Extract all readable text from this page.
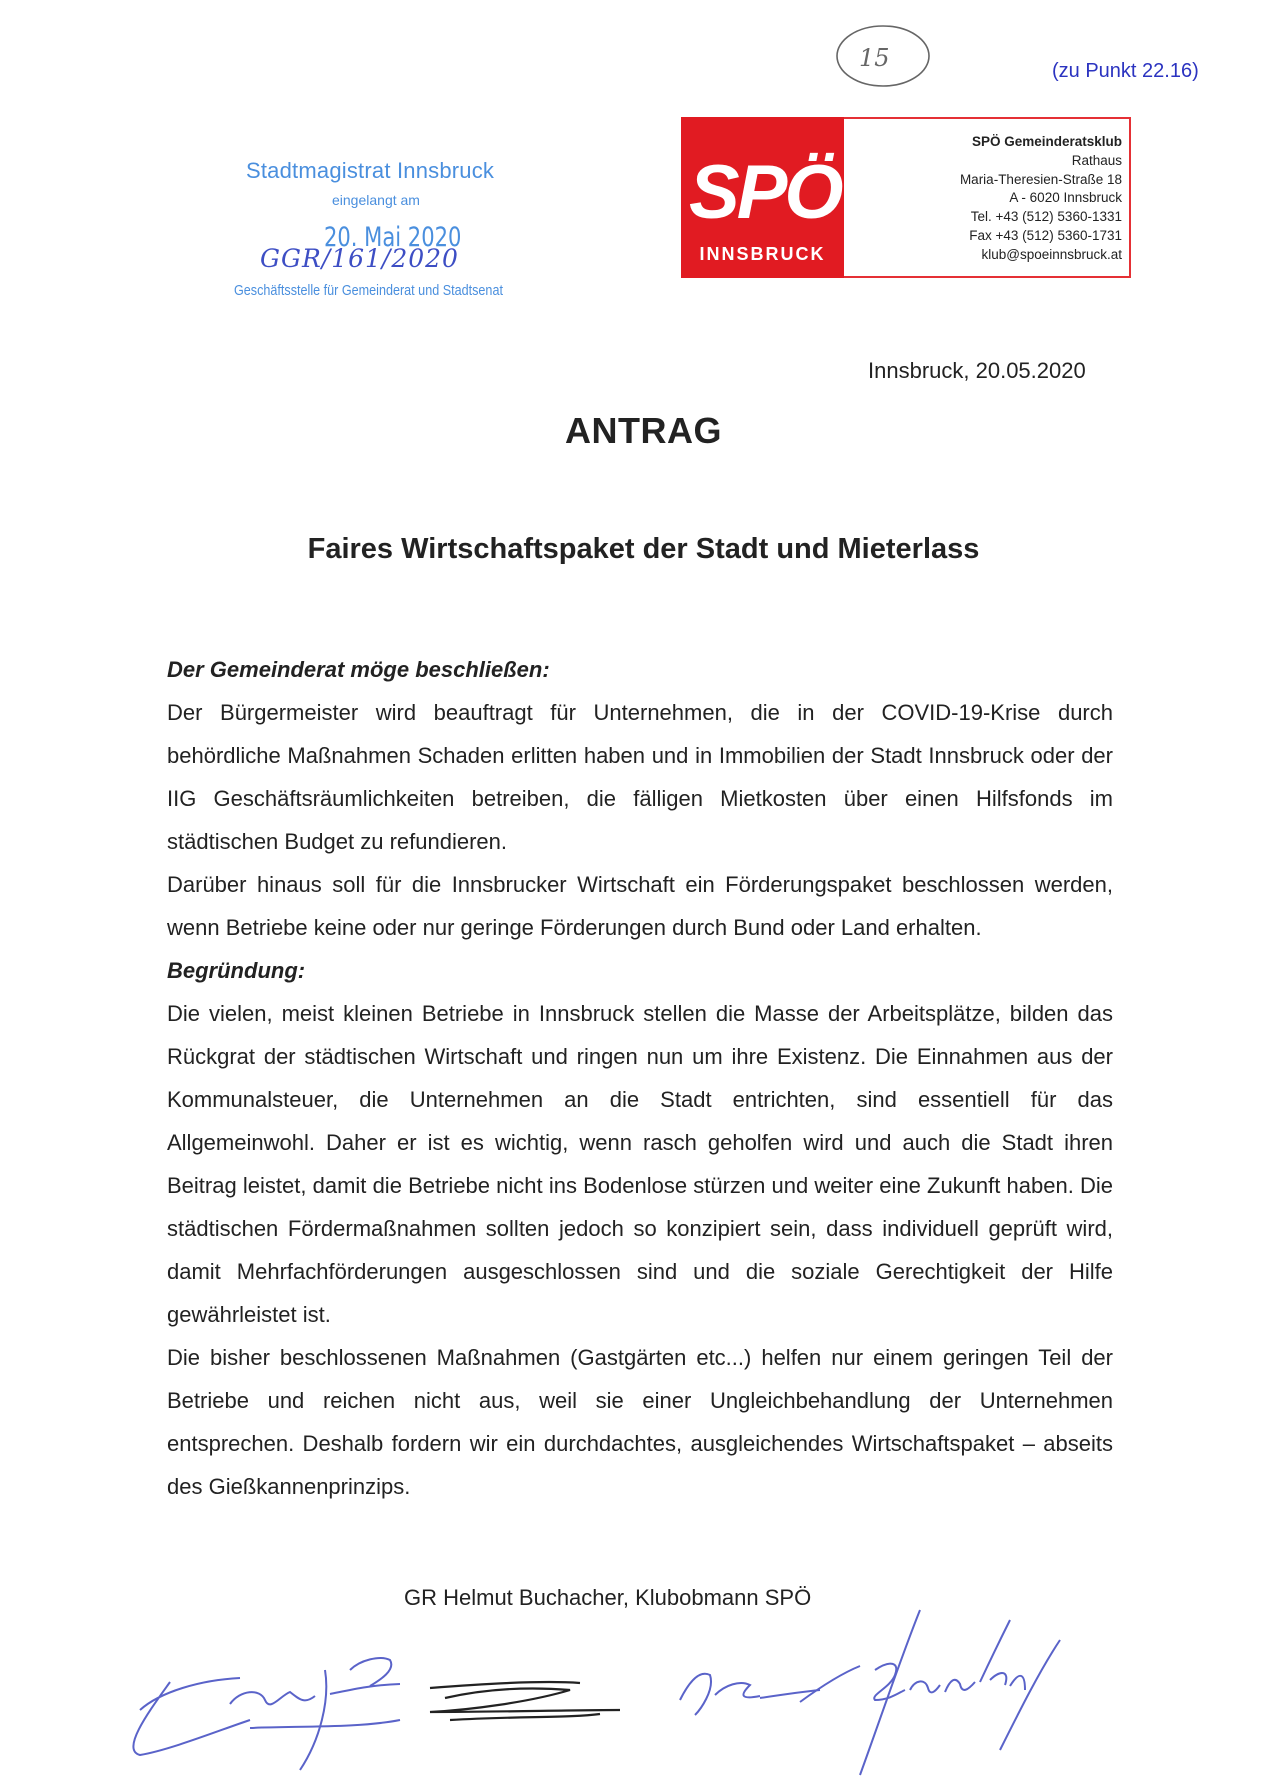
15	(zu Punkt 22.16)
Stadtmagistrat Innsbruck
eingelangt am
20. Mai 2020
GGR/161/2020
Geschäftsstelle für Gemeinderat und Stadtsenat
SPÖ
INNSBRUCK
SPÖ Gemeinderatsklub
Rathaus
Maria-Theresien-Straße 18
A - 6020 Innsbruck
Tel. +43 (512) 5360-1331
Fax +43 (512) 5360-1731
klub@spoeinnsbruck.at
Innsbruck, 20.05.2020
ANTRAG
Faires Wirtschaftspaket der Stadt und Mieterlass

Der Gemeinderat möge beschließen:

Der Bürgermeister wird beauftragt für Unternehmen, die in der COVID-19-Krise durch behördliche Maßnahmen Schaden erlitten haben und in Immobilien der Stadt Innsbruck oder der IIG Geschäftsräumlichkeiten betreiben, die fälligen Mietkosten über einen Hilfsfonds im städtischen Budget zu refundieren.

Darüber hinaus soll für die Innsbrucker Wirtschaft ein Förderungspaket beschlossen werden, wenn Betriebe keine oder nur geringe Förderungen durch Bund oder Land erhalten.

Begründung:

Die vielen, meist kleinen Betriebe in Innsbruck stellen die Masse der Arbeitsplätze, bilden das Rückgrat der städtischen Wirtschaft und ringen nun um ihre Existenz. Die Einnahmen aus der Kommunalsteuer, die Unternehmen an die Stadt entrichten, sind essentiell für das Allgemeinwohl. Daher er ist es wichtig, wenn rasch geholfen wird und auch die Stadt ihren Beitrag leistet, damit die Betriebe nicht ins Bodenlose stürzen und weiter eine Zukunft haben. Die städtischen Fördermaßnahmen sollten jedoch so konzipiert sein, dass individuell geprüft wird, damit Mehrfachförderungen ausgeschlossen sind und die soziale Gerechtigkeit der Hilfe gewährleistet ist.

Die bisher beschlossenen Maßnahmen (Gastgärten etc...) helfen nur einem geringen Teil der Betriebe und reichen nicht aus, weil sie einer Ungleichbehandlung der Unternehmen entsprechen. Deshalb fordern wir ein durchdachtes, ausgleichendes Wirtschaftspaket – abseits des Gießkannenprinzips.

GR Helmut Buchacher, Klubobmann SPÖ
